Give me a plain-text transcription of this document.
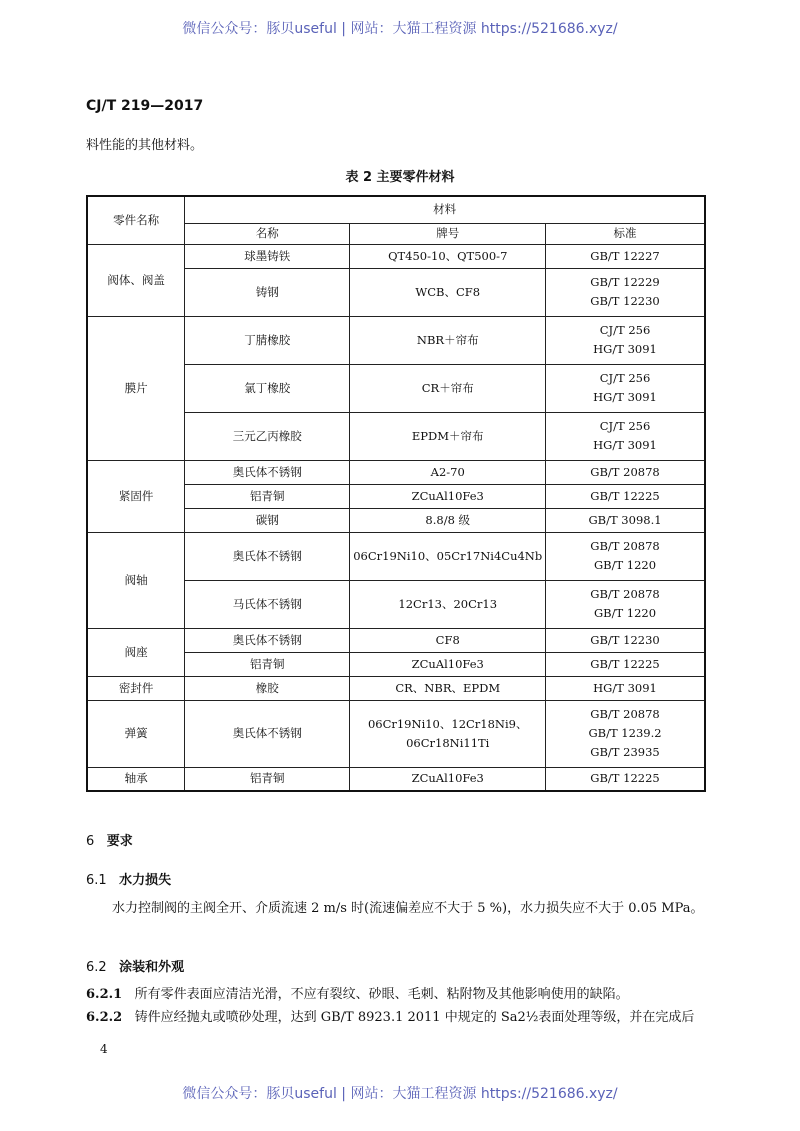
微信公众号：豚贝useful | 网站：大猫工程资源 https://521686.xyz/
CJ/T 219—2017
料性能的其他材料。
表 2 主要零件材料
零件名称	材料		
	名称	牌号	标准
阀体、阀盖	球墨铸铁	QT450-10、QT500-7	GB/T 12227

	铸钢	WCB、CF8	GB/T 12229
GB/T 12230

膜片	丁腈橡胶	NBR＋帘布	CJ/T 256
HG/T 3091

	氯丁橡胶	CR＋帘布	CJ/T 256
HG/T 3091

	三元乙丙橡胶	EPDM＋帘布	CJ/T 256
HG/T 3091

紧固件	奥氏体不锈钢	A2-70	GB/T 20878

	铝青铜	ZCuAl10Fe3	GB/T 12225

	碳钢	8.8/8 级	GB/T 3098.1

阀轴	奥氏体不锈钢	06Cr19Ni10、05Cr17Ni4Cu4Nb	GB/T 20878
GB/T 1220

	马氏体不锈钢	12Cr13、20Cr13	GB/T 20878
GB/T 1220

阀座	奥氏体不锈钢	CF8	GB/T 12230

	铝青铜	ZCuAl10Fe3	GB/T 12225

密封件	橡胶	CR、NBR、EPDM	HG/T 3091

弹簧	奥氏体不锈钢	06Cr19Ni10、12Cr18Ni9、06Cr18Ni11Ti	GB/T 20878
GB/T 1239.2
GB/T 23935

轴承	铝青铜	ZCuAl10Fe3	GB/T 12225
6 要求
6.1 水力损失
水力控制阀的主阀全开、介质流速 2 m/s 时(流速偏差应不大于 5 %)，水力损失应不大于 0.05 MPa。
6.2 涂装和外观
6.2.1 所有零件表面应清洁光滑，不应有裂纹、砂眼、毛刺、粘附物及其他影响使用的缺陷。
6.2.2 铸件应经抛丸或喷砂处理，达到 GB/T 8923.1 2011 中规定的 Sa2½表面处理等级，并在完成后
4
微信公众号：豚贝useful | 网站：大猫工程资源 https://521686.xyz/
